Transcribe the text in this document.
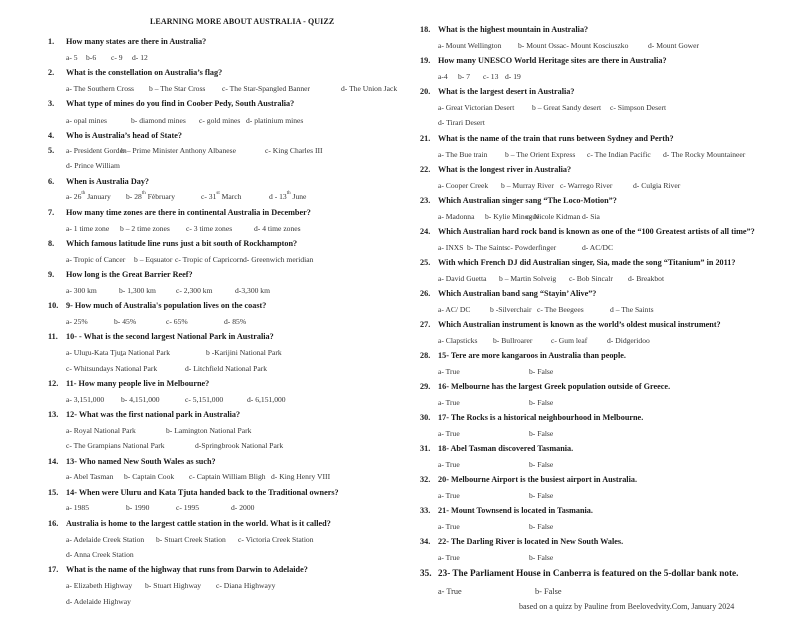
LEARNING MORE ABOUT AUSTRALIA - QUIZZ
1. How many states are there in Australia?
a- 5 b-6 c- 9 d- 12
2. What is the constellation on Australia’s flag?
a- The Southern Cross b – The Star Cross c- The Star-Spangled Banner	d- The Union Jack
3. What type of mines do you find in Coober Pedy, South Australia?
a- opal mines	b- diamond mines c- gold mines d- platinium mines
4. Who is Australia’s head of State?
5. a- President Gorden
b – Prime Minister Anthony Albanese	c- King Charles III
d- Prince William
6. When is Australia Day?
a- 26th January b- 28th Fèbruary	c- 31st March	d - 13th June
7. How many time zones are there in continental Australia in December?
a- 1 time zone b – 2 time zones c- 3 time zones	d- 4 time zones
8. Which famous latitude line runs just a bit south of Rockhampton?
a- Tropic of Cancer b – Eqsuator c- Tropic of Capricorn d- Greenwich meridian
9. How long is the Great Barrier Reef?
a- 300 km	b- 1,300 km	c- 2,300 km	d-3,300 km
10. 9- How much of Australia's population lives on the coast?
a- 25%	b- 45%	c- 65%	d- 85%
11. 10- - What is the second largest National Park in Australia?
a- Uluṟu-Kata Tjuṯa National Park	b -Karijini National Park
c- Whitsundays National Park	d- Litchfield National Park
12. 11- How many people live in Melbourne?
a- 3,151,000 b- 4,151,000	c- 5,151,000	d- 6,151,000
13. 12- What was the first national park in Australia?
a- Royal National Park	b- Lamington National Park
c- The Grampians National Park	d-Springbrook National Park
14. 13- Who named New South Wales as such?
a- Abel Tasman b- Captain Cook c- Captain William Bligh d- King Henry VIII
15. 14- When were Uluru and Kata Tjuta handed back to the Traditional owners?
a- 1985	b- 1990	c- 1995	d- 2000
16. Australia is home to the largest cattle station in the world. What is it called?
a- Adelaide Creek Station b- Stuart Creek Station c- Victoria Creek Station
d- Anna Creek Station
17. What is the name of the highway that runs from Darwin to Adelaide?
a- Elizabeth Highway b- Stuart Highway c- Diana Highwayy
d- Adelaide Highway
18. What is the highest mountain in Australia?
a- Mount Wellington b- Mount Ossa c- Mount Kosciuszko	d- Mount Gower
19. How many UNESCO World Heritage sites are there in Australia?
a-4 b- 7 c- 13 d- 19
20. What is the largest desert in Australia?
a- Great Victorian Desert b – Great Sandy desert c- Simpson Desert
d- Tirari Desert
21. What is the name of the train that runs between Sydney and Perth?
a- The Bue train b – The Orient Express c- The Indian Pacific d- The Rocky Mountaineer
22. What is the longest river in Australia?
a- Cooper Creek b – Murray River c- Warrego River	d- Culgia River
23. Which Australian singer sang “The Loco-Motion”?
a- Madonna b- Kylie Minogue
c- Nicole Kidman d- Sia
24. Which Australian hard rock band is known as one of the “100 Greatest artists of all time”?
a- INXS b- The Saints c- Powderfinger	d- AC/DC
25. With which French DJ did Australian singer, Sia, made the song “Titanium” in 2011?
a- David Guetta b – Martin Solveig c- Bob Sincalr d- Breakbot
26. Which Australian band sang “Stayin’ Alive”?
a- AC/ DC	b -Silverchair c- The Beegees	d – The Saints
27. Which Australian instrument is known as the world’s oldest musical instrument?
a- Clapsticks b- Bullroarer c- Gum leaf	d- Didgeridoo
28. 15- Tere are more kangaroos in Australia than people.
a- True	b- False
29. 16- Melbourne has the largest Greek population outside of Greece.
a- True	b- False
30. 17- The Rocks is a historical neighbourhood in Melbourne.
a- True	b- False
31. 18- Abel Tasman discovered Tasmania.
a- True	b- False
32. 20- Melbourne Airport is the busiest airport in Australia.
a- True	b- False
33. 21- Mount Townsend is located in Tasmania.
a- True	b- False
34. 22- The Darling River is located in New South Wales.
a- True	b- False
35. 23- The Parliament House in Canberra is featured on the 5-dollar bank note.
a- True	b- False
based on a quizz by Pauline from Beelovedvity.Com, January 2024
